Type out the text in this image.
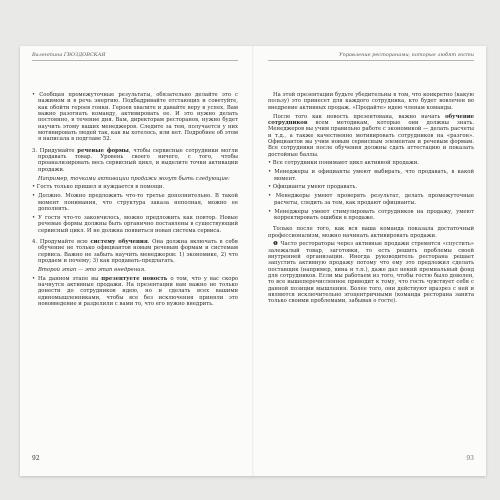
Валентина ГВОЗДОВСКАЯ

• Сообщая промежуточные результаты, обязательно делайте это с нажимом и в речь энергию. Подбадривайте отстающих и советуйте, как обойти героев гонки. Героев хвалите и давайте веру в успех. Вам важно разогнать команду, активировать ее. И это нужно делать постоянно, в течение дня. Вам, директорам ресторанов, нужно будет научить этому ваших менеджеров. Следите за тем, получается у них мотивировать людей так, как вы хотелось, или нет. Подробнее об этом я написала в подглаве 52.

3. Придумайте речевые формы, чтобы сервисные сотрудники могли продавать товар. Уровень своего ничего, с того, чтобы проанализировать весь сервисный цикл, и выделите точки активации продажи.

Например, точками активации продажи могут быть следующие:

• Гость только пришел и нуждается в помощи.

• Должно. Можно предложить что-то третье дополнительно. В такой момент понимания, что структура заказа неполная, можно ее дополнить.

• У гостя что-то закончилось, можно предложить как повтор. Новые речевые формы должны быть органично поставлены в существующий сервисный цикл. И не должна появиться новая система сервиса.

4. Продумайте всю систему обучения. Она должна включать в себя обучение не только официантов новым речевым формам и системам сервиса. Важно не забыть научить менеджеров: 1) экономике, 2) что продаем и почему; 3) как продавать-предлагать.

Второй этап — это этап внедрения.

• На данном этапе вы презентуете новость о том, что у вас скоро начнутся активные продажи. На презентации вам важно не только донести до сотрудников идею, но и сделать всех вашими единомышленниками, чтобы все без исключения приняли это нововведение и разделили с вами то, что его нужно внедрить.

92
Управление ресторанами, которые любят гости

На этой презентации будьте убедительны в том, что конкретно (какую пользу) это принесет для каждого сотрудника, кто будет вовлечен во внедрение активных продаж. «Продайте» идею членам команды.

После того как новость презентована, важно начать обучение сотрудников всем методикам, которые они должны знать. Менеджеров вы учим правильно работе с экономикой — делать расчеты и т.д., а также качественно мотивировать сотрудников на «разгон». Официантов вы учим новым сервисным элементам и речевым формам. Все сотрудники после обучения должны сдать аттестацию и показать достойные баллы.

• Все сотрудники понимают цикл активной продажи.

• Менеджеры и официанты умеют выбирать, что продавать, в какой момент.

• Официанты умеют продавать.

• Менеджеры умеют проверять результат, делать промежуточные расчеты, следить за тем, как продают официанты.

• Менеджеры умеют стимулировать сотрудников на продажу, умеют корректировать ошибки в продаже.

Только после того, как вся ваша команда показала достаточный профессионализм, можно начинать активировать продажи.

❶ Часто рестораторы через активные продажи стремятся «спустить» залежалый товар, заготовки, то есть решить проблемы своей внутренней организации. Иногда руководитель ресторана решает запустить активную продажу потому что ему это предложил сделать поставщик (например, вина и т.п.), даже дал некий премиальный фонд для сотрудников. Если мы работаем из того, чтобы гостю было доволен, то все вышеперечисленное приводит к тому, что гость чувствует себя с данной позиции мышления. Более того, они действуют вразрез с ней и являются исключительно эгоцентричными (команда ресторана занята только своими проблемами, забывая о госте).

93
